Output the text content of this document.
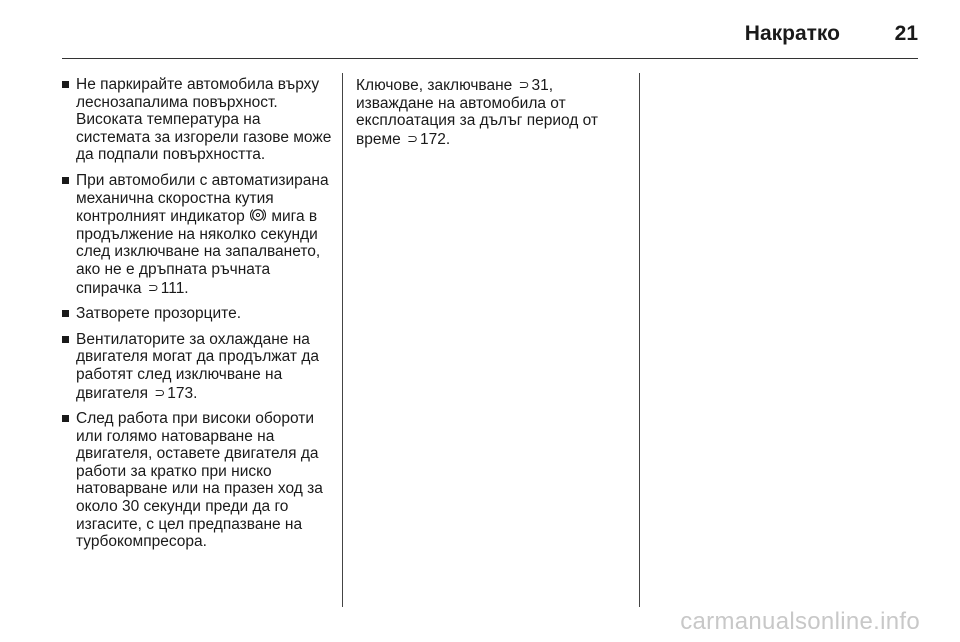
Накратко	21
Не паркирайте автомобила върху леснозапалима повърхност. Високата температура на системата за изгорели газове може да подпали повърхността.
При автомобили с автоматизирана механична скоростна кутия контролният индикатор мига в продължение на няколко секунди след изключване на запалването, ако не е дръпната ръчната спирачка ⊃ 111.
Затворете прозорците.
Вентилаторите за охлаждане на двигателя могат да продължат да работят след изключване на двигателя ⊃ 173.
След работа при високи обороти или голямо натоварване на двигателя, оставете двигателя да работи за кратко при ниско натоварване или на празен ход за около 30 секунди преди да го изгасите, с цел предпазване на турбокомпресора.
Ключове, заключване ⊃ 31, изваждане на автомобила от експлоатация за дълъг период от време ⊃ 172.
carmanualsonline.info
